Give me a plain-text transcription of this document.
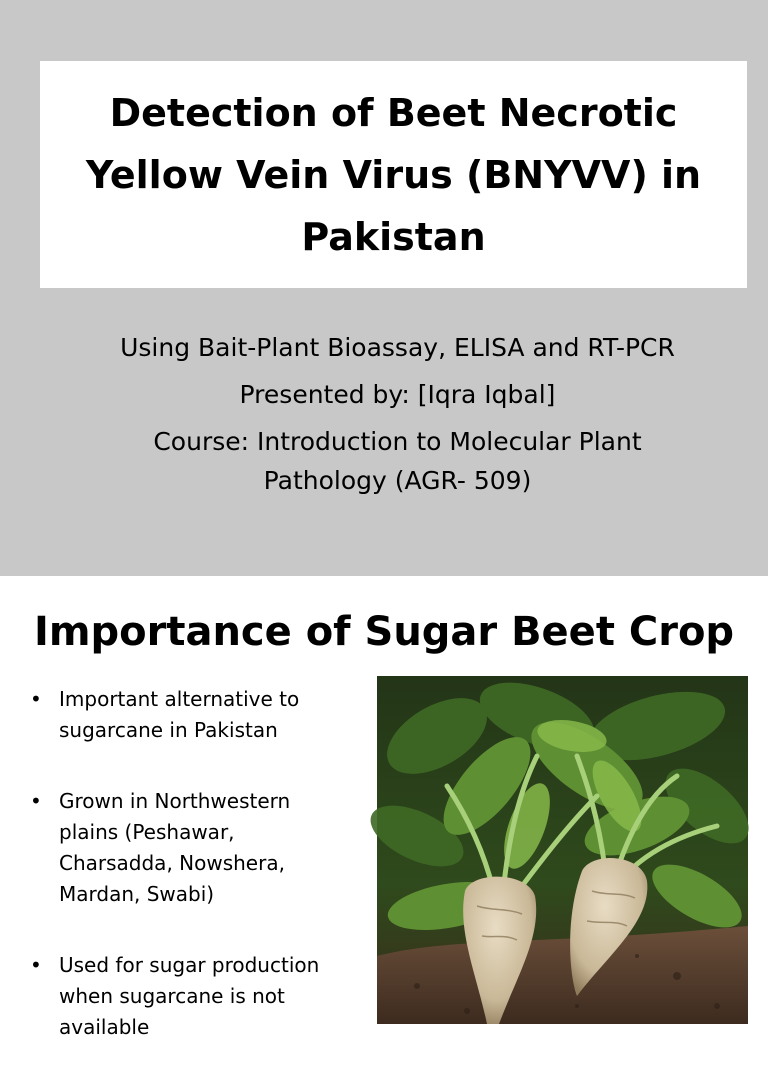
Detection of Beet Necrotic Yellow Vein Virus (BNYVV) in Pakistan

Using Bait-Plant Bioassay, ELISA and RT-PCR

Presented by: [Iqra Iqbal]

Course: Introduction to Molecular Plant Pathology (AGR- 509)

Importance of Sugar Beet Crop
• Important alternative to sugarcane in Pakistan
• Grown in Northwestern plains (Peshawar, Charsadda, Nowshera, Mardan, Swabi)
• Used for sugar production when sugarcane is not available
